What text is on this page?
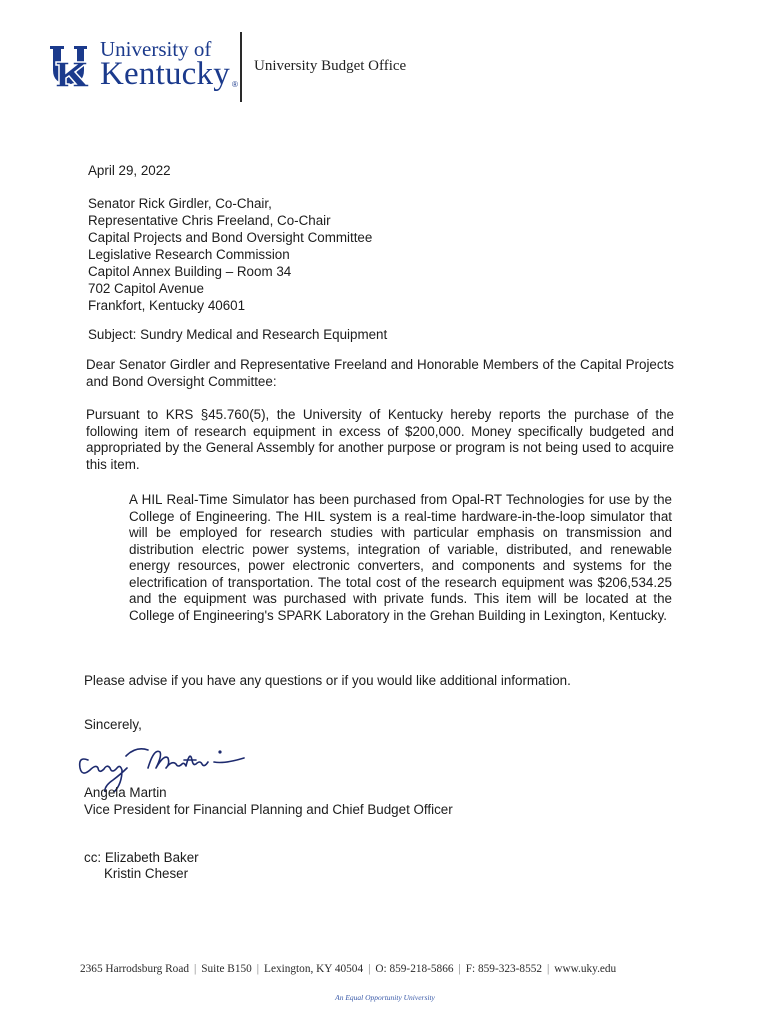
University of
Kentucky ®
University Budget Office
April 29, 2022
Senator Rick Girdler, Co-Chair,
Representative Chris Freeland, Co-Chair
Capital Projects and Bond Oversight Committee
Legislative Research Commission
Capitol Annex Building – Room 34
702 Capitol Avenue
Frankfort, Kentucky 40601
Subject: Sundry Medical and Research Equipment
Dear Senator Girdler and Representative Freeland and Honorable Members of the Capital Projects and Bond Oversight Committee:
Pursuant to KRS §45.760(5), the University of Kentucky hereby reports the purchase of the following item of research equipment in excess of $200,000. Money specifically budgeted and appropriated by the General Assembly for another purpose or program is not being used to acquire this item.
A HIL Real-Time Simulator has been purchased from Opal-RT Technologies for use by the College of Engineering. The HIL system is a real-time hardware-in-the-loop simulator that will be employed for research studies with particular emphasis on transmission and distribution electric power systems, integration of variable, distributed, and renewable energy resources, power electronic converters, and components and systems for the electrification of transportation. The total cost of the research equipment was $206,534.25 and the equipment was purchased with private funds. This item will be located at the College of Engineering's SPARK Laboratory in the Grehan Building in Lexington, Kentucky.
Please advise if you have any questions or if you would like additional information.
Sincerely,
Angela Martin
Vice President for Financial Planning and Chief Budget Officer
cc: Elizabeth Baker
Kristin Cheser
2365 Harrodsburg Road | Suite B150 | Lexington, KY 40504 | O: 859-218-5866 | F: 859-323-8552 | www.uky.edu
An Equal Opportunity University
